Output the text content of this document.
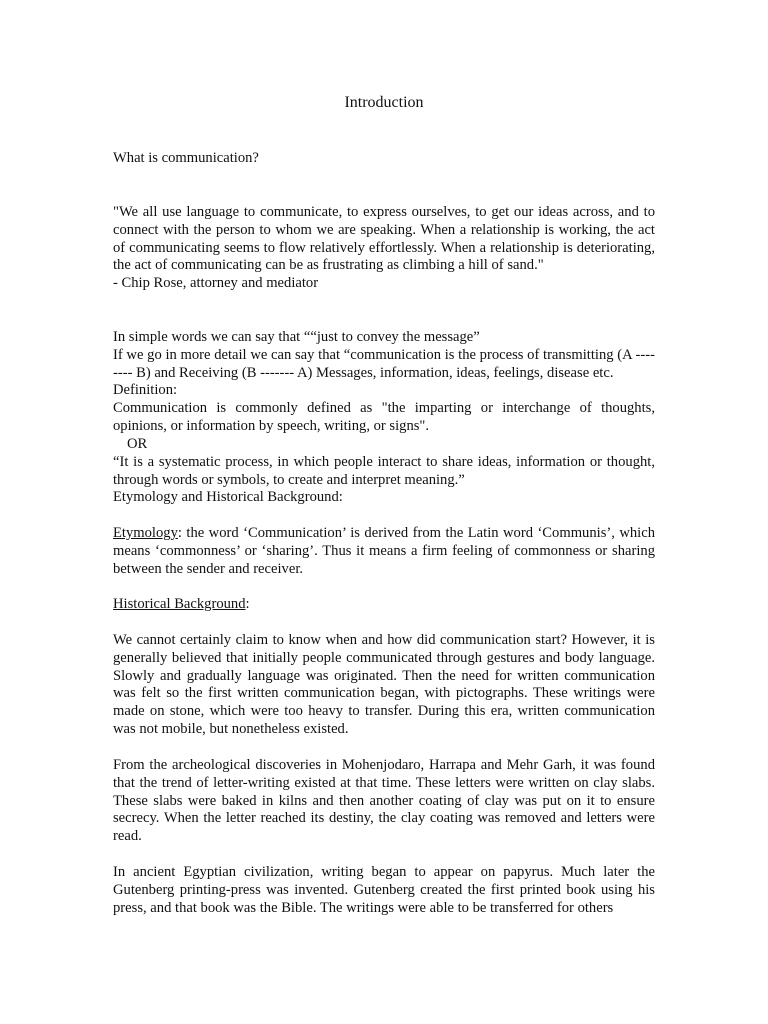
Introduction

What is communication?

"We all use language to communicate, to express ourselves, to get our ideas across, and to connect with the person to whom we are speaking. When a relationship is working, the act of communicating seems to flow relatively effortlessly. When a relationship is deteriorating, the act of communicating can be as frustrating as climbing a hill of sand."

- Chip Rose, attorney and mediator

In simple words we can say that ““just to convey the message”

If we go in more detail we can say that “communication is the process of transmitting (A -------- B) and Receiving (B ------- A) Messages, information, ideas, feelings, disease etc.

Definition:

Communication is commonly defined as "the imparting or interchange of thoughts, opinions, or information by speech, writing, or signs".

OR

“It is a systematic process, in which people interact to share ideas, information or thought, through words or symbols, to create and interpret meaning.”

Etymology and Historical Background:

Etymology: the word ‘Communication’ is derived from the Latin word ‘Communis’, which means ‘commonness’ or ‘sharing’. Thus it means a firm feeling of commonness or sharing between the sender and receiver.

Historical Background:

We cannot certainly claim to know when and how did communication start? However, it is generally believed that initially people communicated through gestures and body language. Slowly and gradually language was originated. Then the need for written communication was felt so the first written communication began, with pictographs. These writings were made on stone, which were too heavy to transfer. During this era, written communication was not mobile, but nonetheless existed.

From the archeological discoveries in Mohenjodaro, Harrapa and Mehr Garh, it was found that the trend of letter-writing existed at that time. These letters were written on clay slabs. These slabs were baked in kilns and then another coating of clay was put on it to ensure secrecy. When the letter reached its destiny, the clay coating was removed and letters were read.

In ancient Egyptian civilization, writing began to appear on papyrus. Much later the Gutenberg printing-press was invented. Gutenberg created the first printed book using his press, and that book was the Bible. The writings were able to be transferred for others
